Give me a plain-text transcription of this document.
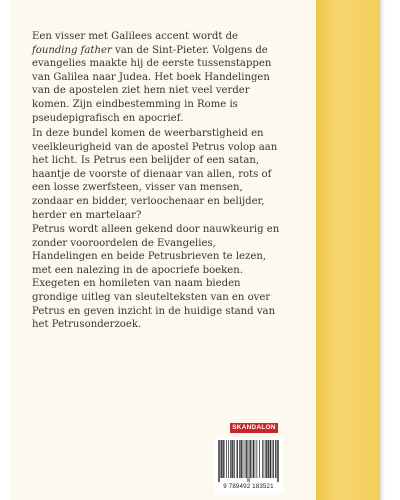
Een visser met Galilees accent wordt de founding father van de Sint-Pieter. Volgens de evangelies maakte hij de eerste tussenstappen van Galilea naar Judea. Het boek Handelingen van de apostelen ziet hem niet veel verder komen. Zijn eindbestemming in Rome is pseudepigrafisch en apocrief.

In deze bundel komen de weerbarstigheid en veelkleurigheid van de apostel Petrus volop aan het licht. Is Petrus een belijder of een satan, haantje de voorste of dienaar van allen, rots of een losse zwerfsteen, visser van mensen, zondaar en bidder, verloochenaar en belijder, herder en martelaar?

Petrus wordt alleen gekend door nauwkeurig en zonder vooroordelen de Evangelies, Handelingen en beide Petrusbrieven te lezen, met een nalezing in de apocriefe boeken. Exegeten en homileten van naam bieden grondige uitleg van sleutelteksten van en over Petrus en geven inzicht in de huidige stand van het Petrusonderzoek.

SKANDALON
9 789492 183521
